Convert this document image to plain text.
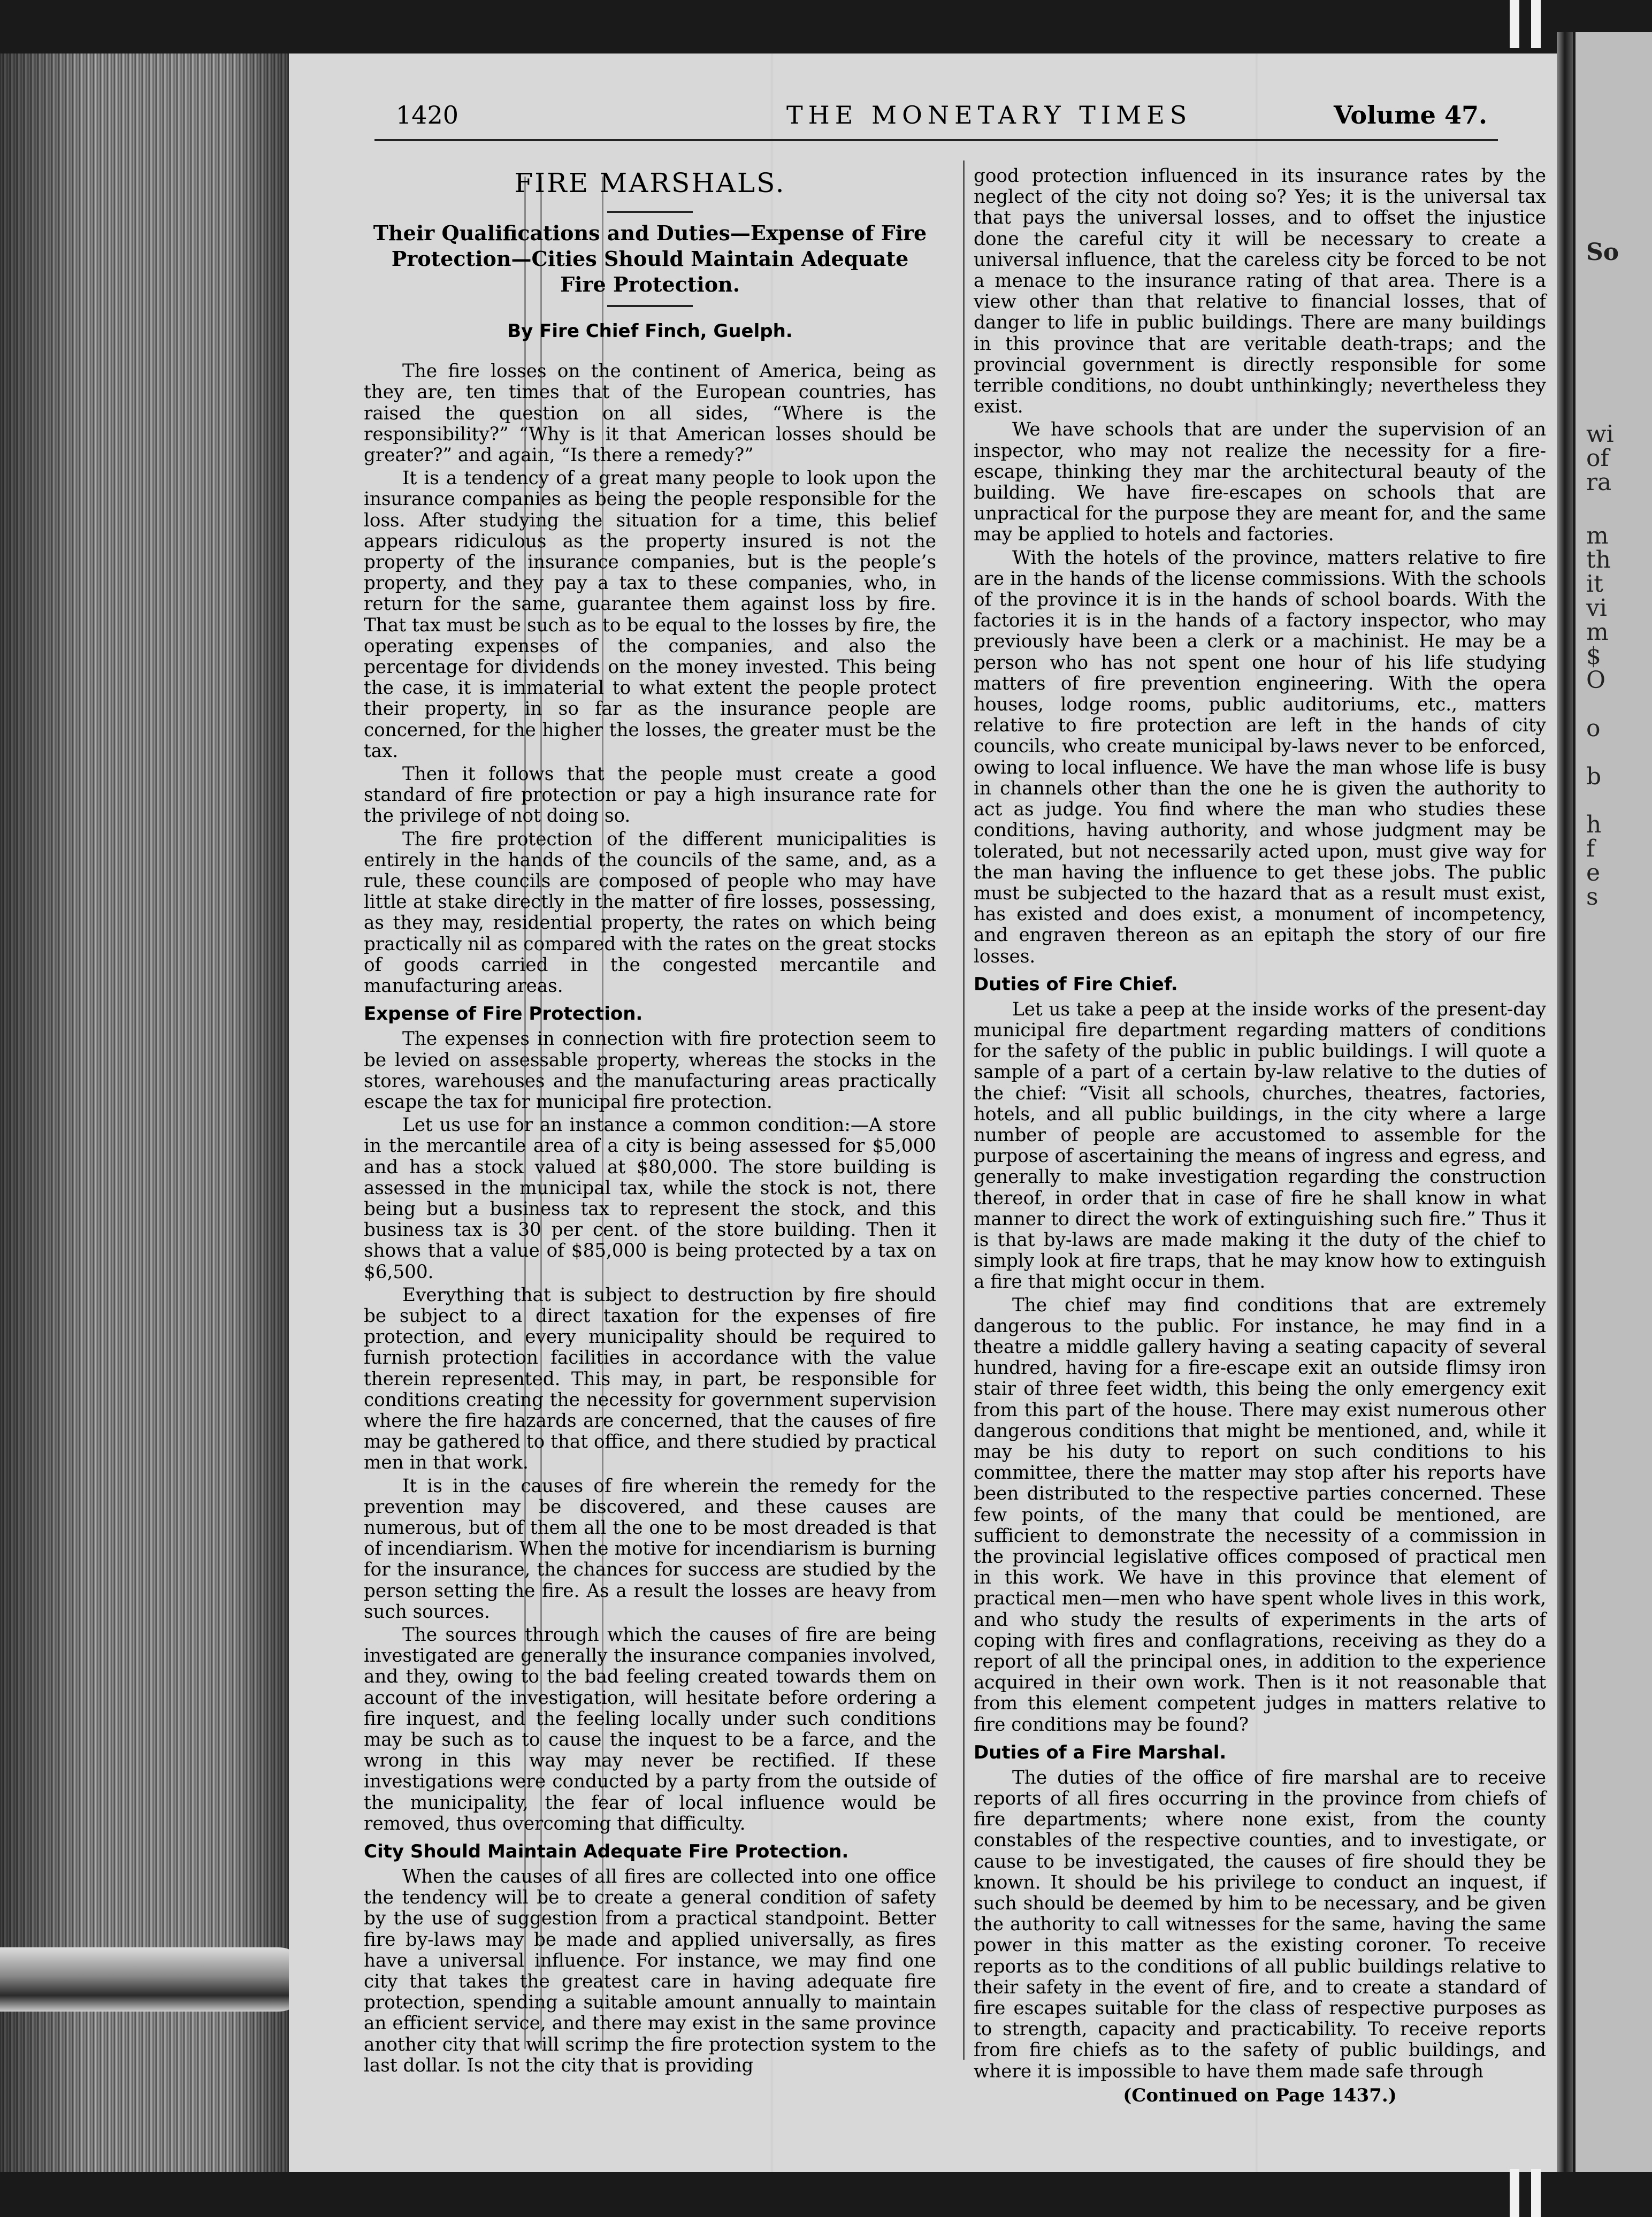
So
wi
of
ra
m
th
it
vi
m
$
O
o
b
h
f
e
s
1420	THE MONETARY TIMES	Volume 47.
FIRE MARSHALS.
Their Qualifications and Duties—Expense of Fire Protection—Cities Should Maintain Adequate Fire Protection.
By Fire Chief Finch, Guelph.

The fire losses on the continent of America, being as they are, ten times that of the European countries, has raised the question on all sides, “Where is the responsibility?” “Why is it that American losses should be greater?” and again, “Is there a remedy?”

It is a tendency of a great many people to look upon the insurance companies as being the people responsible for the loss. After studying the situation for a time, this belief appears ridiculous as the property insured is not the property of the insurance companies, but is the people’s property, and they pay a tax to these companies, who, in return for the same, guarantee them against loss by fire. That tax must be such as to be equal to the losses by fire, the operating expenses of the companies, and also the percentage for dividends on the money invested. This being the case, it is immaterial to what extent the people protect their property, in so far as the insurance people are concerned, for the higher the losses, the greater must be the tax.

Then it follows that the people must create a good standard of fire protection or pay a high insurance rate for the privilege of not doing so.

The fire protection of the different municipalities is entirely in the hands of the councils of the same, and, as a rule, these councils are composed of people who may have little at stake directly in the matter of fire losses, possessing, as they may, residential property, the rates on which being practically nil as compared with the rates on the great stocks of goods carried in the congested mercantile and manufacturing areas.

Expense of Fire Protection.

The expenses in connection with fire protection seem to be levied on assessable property, whereas the stocks in the stores, warehouses and the manufacturing areas practically escape the tax for municipal fire protection.

Let us use for an instance a common condition:—A store in the mercantile area of a city is being assessed for $5,000 and has a stock valued at $80,000. The store building is assessed in the municipal tax, while the stock is not, there being but a business tax to represent the stock, and this business tax is 30 per cent. of the store building. Then it shows that a value of $85,000 is being protected by a tax on $6,500.

Everything that is subject to destruction by fire should be subject to a direct taxation for the expenses of fire protection, and every municipality should be required to furnish protection facilities in accordance with the value therein represented. This may, in part, be responsible for conditions creating the necessity for government supervision where the fire hazards are concerned, that the causes of fire may be gathered to that office, and there studied by practical men in that work.

It is in the causes of fire wherein the remedy for the prevention may be discovered, and these causes are numerous, but of them all the one to be most dreaded is that of incendiarism. When the motive for incendiarism is burning for the insurance, the chances for success are studied by the person setting the fire. As a result the losses are heavy from such sources.

The sources through which the causes of fire are being investigated are generally the insurance companies involved, and they, owing to the bad feeling created towards them on account of the investigation, will hesitate before ordering a fire inquest, and the feeling locally under such conditions may be such as to cause the inquest to be a farce, and the wrong in this way may never be rectified. If these investigations were conducted by a party from the outside of the municipality, the fear of local influence would be removed, thus overcoming that difficulty.

City Should Maintain Adequate Fire Protection.

When the causes of all fires are collected into one office the tendency will be to create a general condition of safety by the use of suggestion from a practical standpoint. Better fire by-laws may be made and applied universally, as fires have a universal influence. For instance, we may find one city that takes the greatest care in having adequate fire protection, spending a suitable amount annually to maintain an efficient service, and there may exist in the same province another city that will scrimp the fire protection system to the last dollar. Is not the city that is providing

good protection influenced in its insurance rates by the neglect of the city not doing so? Yes; it is the universal tax that pays the universal losses, and to offset the injustice done the careful city it will be necessary to create a universal influence, that the careless city be forced to be not a menace to the insurance rating of that area. There is a view other than that relative to financial losses, that of danger to life in public buildings. There are many buildings in this province that are veritable death-traps; and the provincial government is directly responsible for some terrible conditions, no doubt unthinkingly; nevertheless they exist.

We have schools that are under the supervision of an inspector, who may not realize the necessity for a fire-escape, thinking they mar the architectural beauty of the building. We have fire-escapes on schools that are unpractical for the purpose they are meant for, and the same may be applied to hotels and factories.

With the hotels of the province, matters relative to fire are in the hands of the license commissions. With the schools of the province it is in the hands of school boards. With the factories it is in the hands of a factory inspector, who may previously have been a clerk or a machinist. He may be a person who has not spent one hour of his life studying matters of fire prevention engineering. With the opera houses, lodge rooms, public auditoriums, etc., matters relative to fire protection are left in the hands of city councils, who create municipal by-laws never to be enforced, owing to local influence. We have the man whose life is busy in channels other than the one he is given the authority to act as judge. You find where the man who studies these conditions, having authority, and whose judgment may be tolerated, but not necessarily acted upon, must give way for the man having the influence to get these jobs. The public must be subjected to the hazard that as a result must exist, has existed and does exist, a monument of incompetency, and engraven thereon as an epitaph the story of our fire losses.

Duties of Fire Chief.

Let us take a peep at the inside works of the present-day municipal fire department regarding matters of conditions for the safety of the public in public buildings. I will quote a sample of a part of a certain by-law relative to the duties of the chief: “Visit all schools, churches, theatres, factories, hotels, and all public buildings, in the city where a large number of people are accustomed to assemble for the purpose of ascertaining the means of ingress and egress, and generally to make investigation regarding the construction thereof, in order that in case of fire he shall know in what manner to direct the work of extinguishing such fire.” Thus it is that by-laws are made making it the duty of the chief to simply look at fire traps, that he may know how to extinguish a fire that might occur in them.

The chief may find conditions that are extremely dangerous to the public. For instance, he may find in a theatre a middle gallery having a seating capacity of several hundred, having for a fire-escape exit an outside flimsy iron stair of three feet width, this being the only emergency exit from this part of the house. There may exist numerous other dangerous conditions that might be mentioned, and, while it may be his duty to report on such conditions to his committee, there the matter may stop after his reports have been distributed to the respective parties concerned. These few points, of the many that could be mentioned, are sufficient to demonstrate the necessity of a commission in the provincial legislative offices composed of practical men in this work. We have in this province that element of practical men—men who have spent whole lives in this work, and who study the results of experiments in the arts of coping with fires and conflagrations, receiving as they do a report of all the principal ones, in addition to the experience acquired in their own work. Then is it not reasonable that from this element competent judges in matters relative to fire conditions may be found?

Duties of a Fire Marshal.

The duties of the office of fire marshal are to receive reports of all fires occurring in the province from chiefs of fire departments; where none exist, from the county constables of the respective counties, and to investigate, or cause to be investigated, the causes of fire should they be known. It should be his privilege to conduct an inquest, if such should be deemed by him to be necessary, and be given the authority to call witnesses for the same, having the same power in this matter as the existing coroner. To receive reports as to the conditions of all public buildings relative to their safety in the event of fire, and to create a standard of fire escapes suitable for the class of respective purposes as to strength, capacity and practicability. To receive reports from fire chiefs as to the safety of public buildings, and where it is impossible to have them made safe through

(Continued on Page 1437.)
